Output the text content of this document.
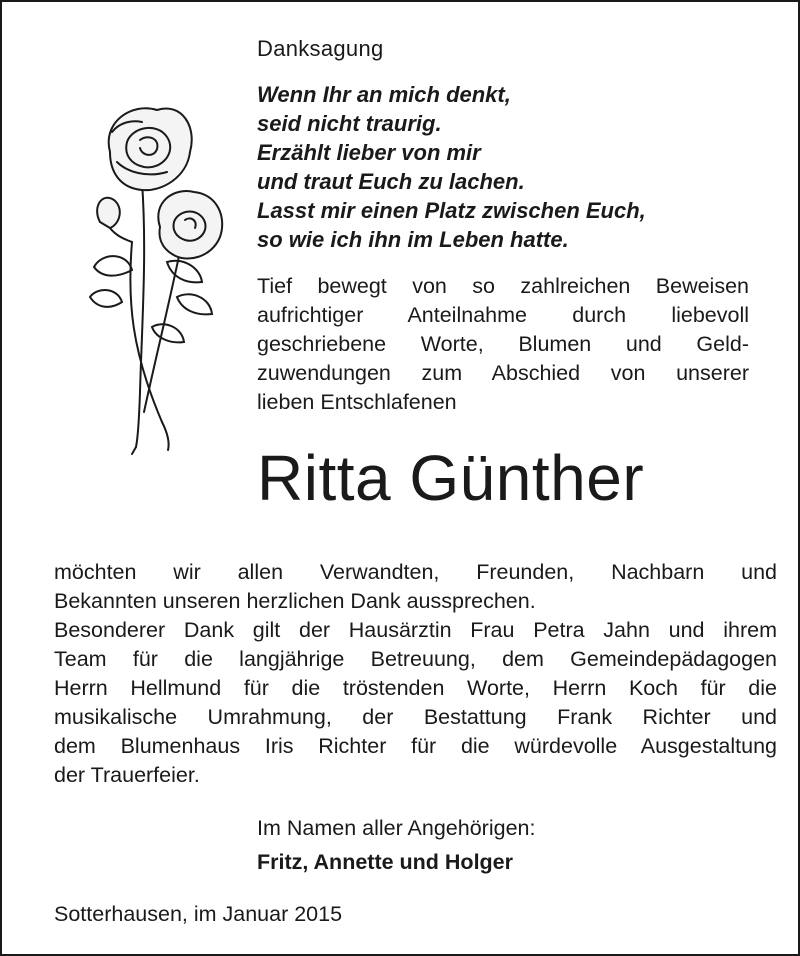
Danksagung
Wenn Ihr an mich denkt,
seid nicht traurig.
Erzählt lieber von mir
und traut Euch zu lachen.
Lasst mir einen Platz zwischen Euch,
so wie ich ihn im Leben hatte.
Tief bewegt von so zahlreichen Beweisen
aufrichtiger Anteilnahme durch liebevoll
geschriebene Worte, Blumen und Geld-
zuwendungen zum Abschied von unserer
lieben Entschlafenen
Ritta Günther
möchten wir allen Verwandten, Freunden, Nachbarn und
Bekannten unseren herzlichen Dank aussprechen.
Besonderer Dank gilt der Hausärztin Frau Petra Jahn und ihrem
Team für die langjährige Betreuung, dem Gemeindepädagogen
Herrn Hellmund für die tröstenden Worte, Herrn Koch für die
musikalische Umrahmung, der Bestattung Frank Richter und
dem Blumenhaus Iris Richter für die würdevolle Ausgestaltung
der Trauerfeier.
Im Namen aller Angehörigen:
Fritz, Annette und Holger
Sotterhausen, im Januar 2015
